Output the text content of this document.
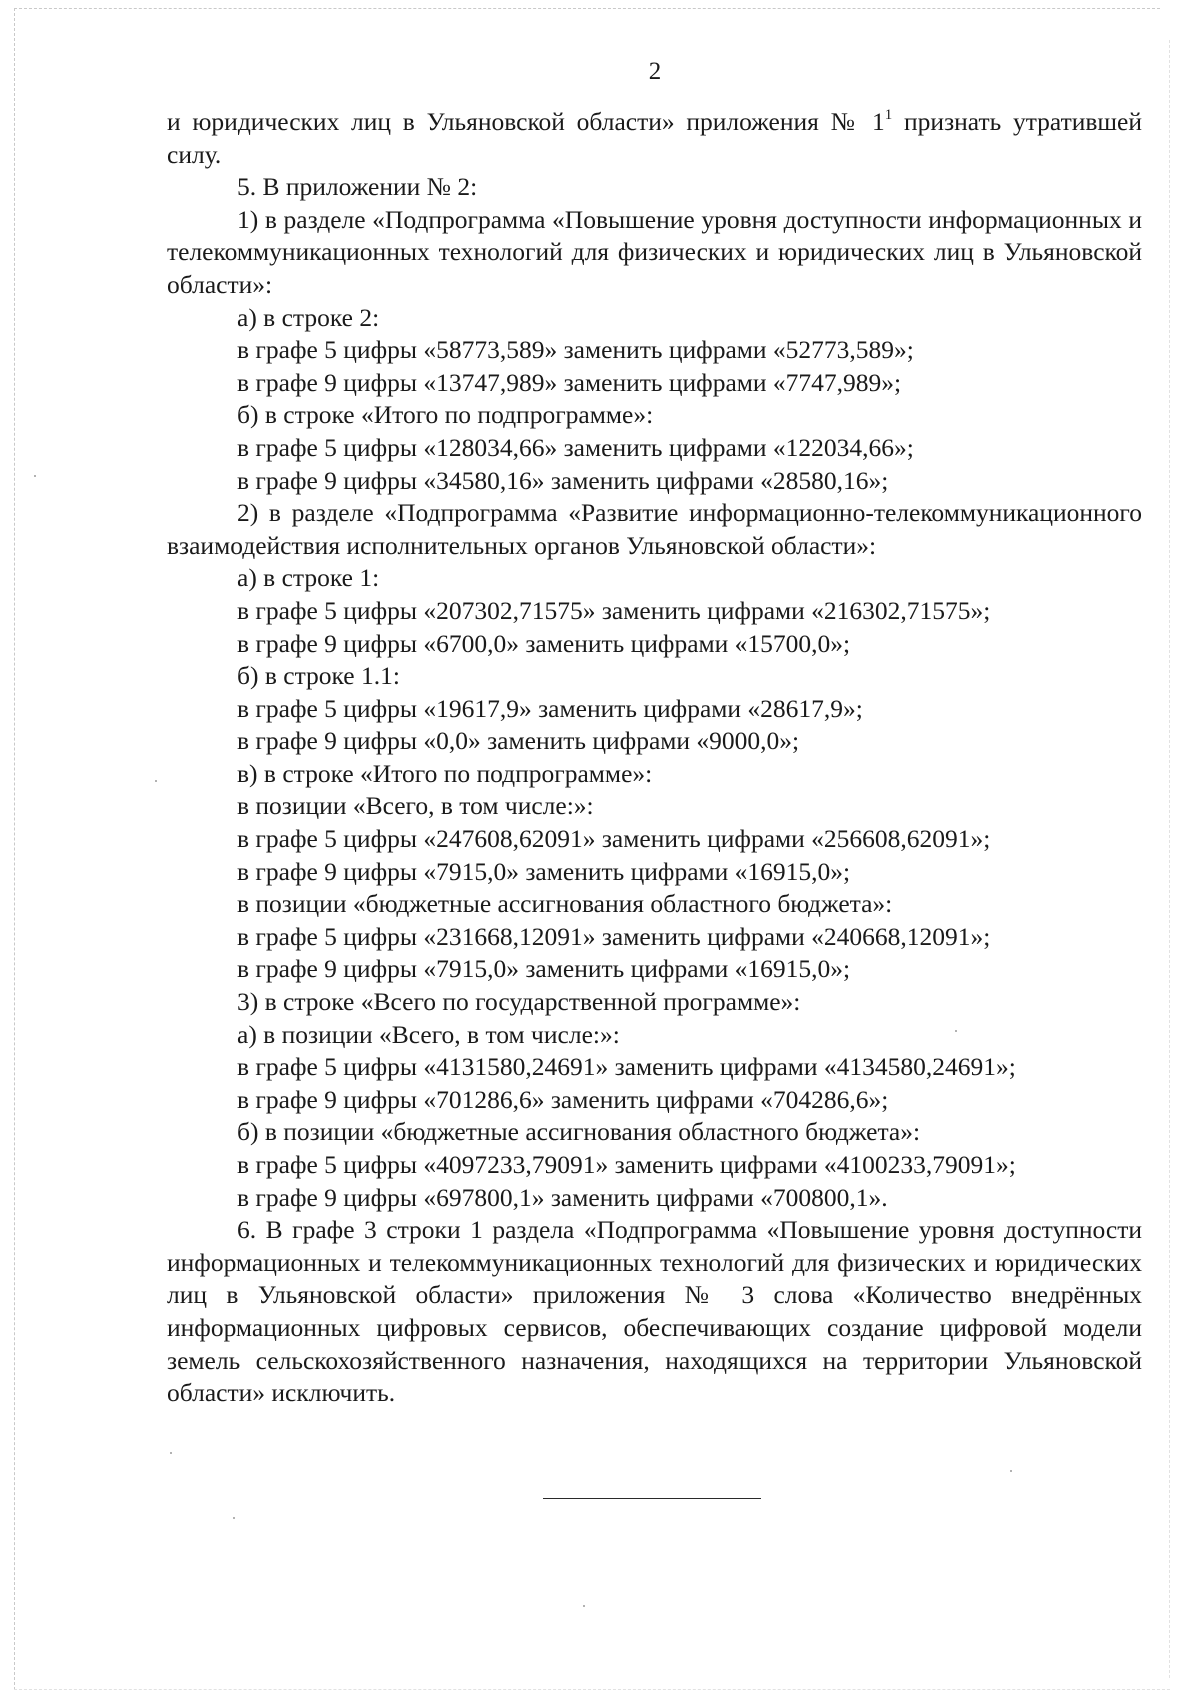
2

и юридических лиц в Ульяновской области» приложения № $1^1$ признать утратившей силу.

5. В приложении № 2:

1) в разделе «Подпрограмма «Повышение уровня доступности информационных и телекоммуникационных технологий для физических и юридических лиц в Ульяновской области»:

а) в строке 2:

в графе 5 цифры «58773,589» заменить цифрами «52773,589»;

в графе 9 цифры «13747,989» заменить цифрами «7747,989»;

б) в строке «Итого по подпрограмме»:

в графе 5 цифры «128034,66» заменить цифрами «122034,66»;

в графе 9 цифры «34580,16» заменить цифрами «28580,16»;

2) в разделе «Подпрограмма «Развитие информационно-телекоммуникационного взаимодействия исполнительных органов Ульяновской области»:

а) в строке 1:

в графе 5 цифры «207302,71575» заменить цифрами «216302,71575»;

в графе 9 цифры «6700,0» заменить цифрами «15700,0»;

б) в строке 1.1:

в графе 5 цифры «19617,9» заменить цифрами «28617,9»;

в графе 9 цифры «0,0» заменить цифрами «9000,0»;

в) в строке «Итого по подпрограмме»:

в позиции «Всего, в том числе:»:

в графе 5 цифры «247608,62091» заменить цифрами «256608,62091»;

в графе 9 цифры «7915,0» заменить цифрами «16915,0»;

в позиции «бюджетные ассигнования областного бюджета»:

в графе 5 цифры «231668,12091» заменить цифрами «240668,12091»;

в графе 9 цифры «7915,0» заменить цифрами «16915,0»;

3) в строке «Всего по государственной программе»:

а) в позиции «Всего, в том числе:»:

в графе 5 цифры «4131580,24691» заменить цифрами «4134580,24691»;

в графе 9 цифры «701286,6» заменить цифрами «704286,6»;

б) в позиции «бюджетные ассигнования областного бюджета»:

в графе 5 цифры «4097233,79091» заменить цифрами «4100233,79091»;

в графе 9 цифры «697800,1» заменить цифрами «700800,1».

6. В графе 3 строки 1 раздела «Подпрограмма «Повышение уровня доступности информационных и телекоммуникационных технологий для физических и юридических лиц в Ульяновской области» приложения № 3 слова «Количество внедрённых информационных цифровых сервисов, обеспечивающих создание цифровой модели земель сельскохозяйственного назначения, находящихся на территории Ульяновской области» исключить.
